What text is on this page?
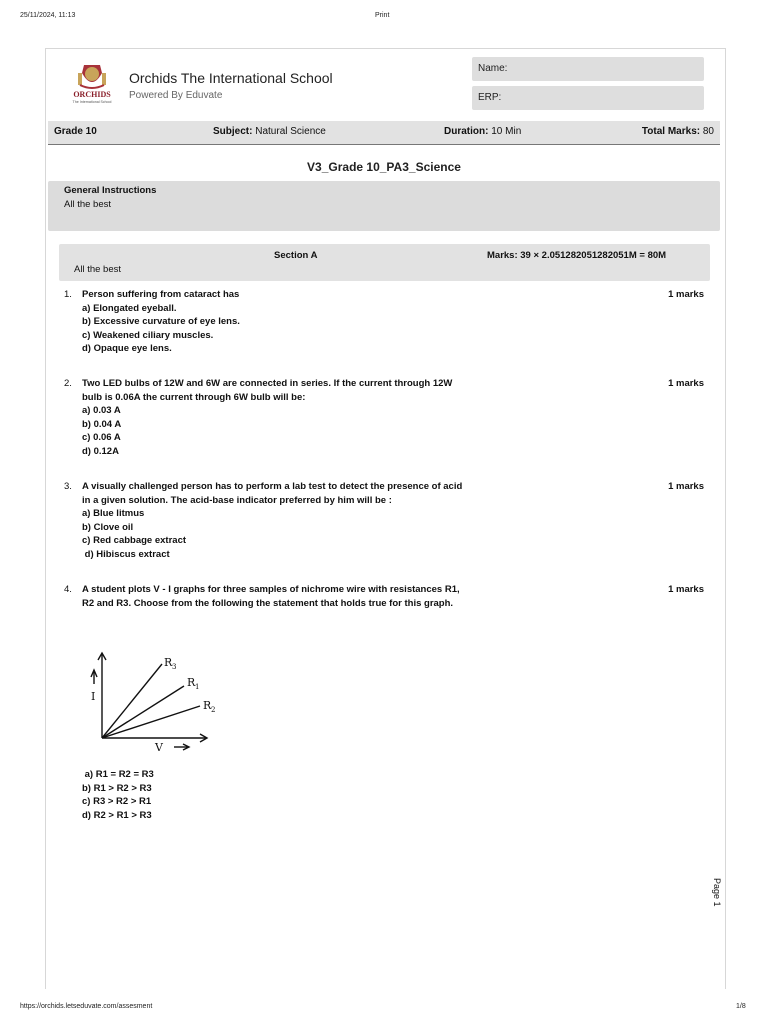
25/11/2024, 11:13	Print
ORCHIDS
The International School
Orchids The International School
Powered By Eduvate
Name:
ERP:
Grade 10	Subject: Natural Science	Duration: 10 Min	Total Marks: 80
V3_Grade 10_PA3_Science
General Instructions
All the best
Section A	Marks: 39 × 2.051282051282051M = 80M
All the best
1.	1 marks
Person suffering from cataract has
a) Elongated eyeball.
b) Excessive curvature of eye lens.
c) Weakened ciliary muscles.
d) Opaque eye lens.
2.	1 marks
Two LED bulbs of 12W and 6W are connected in series. If the current through 12W bulb is 0.06A the current through 6W bulb will be:
a) 0.03 A
b) 0.04 A
c) 0.06 A
d) 0.12A
3.	1 marks
A visually challenged person has to perform a lab test to detect the presence of acid in a given solution. The acid-base indicator preferred by him will be :
a) Blue litmus
b) Clove oil
c) Red cabbage extract
d) Hibiscus extract
4.	1 marks
A student plots V - I graphs for three samples of nichrome wire with resistances R1, R2 and R3. Choose from the following the statement that holds true for this graph.
R 3
R 1
R 2
I
V
a) R1 = R2 = R3
b) R1 > R2 > R3
c) R3 > R2 > R1
d) R2 > R1 > R3
Page 1
https://orchids.letseduvate.com/assesment	1/8
